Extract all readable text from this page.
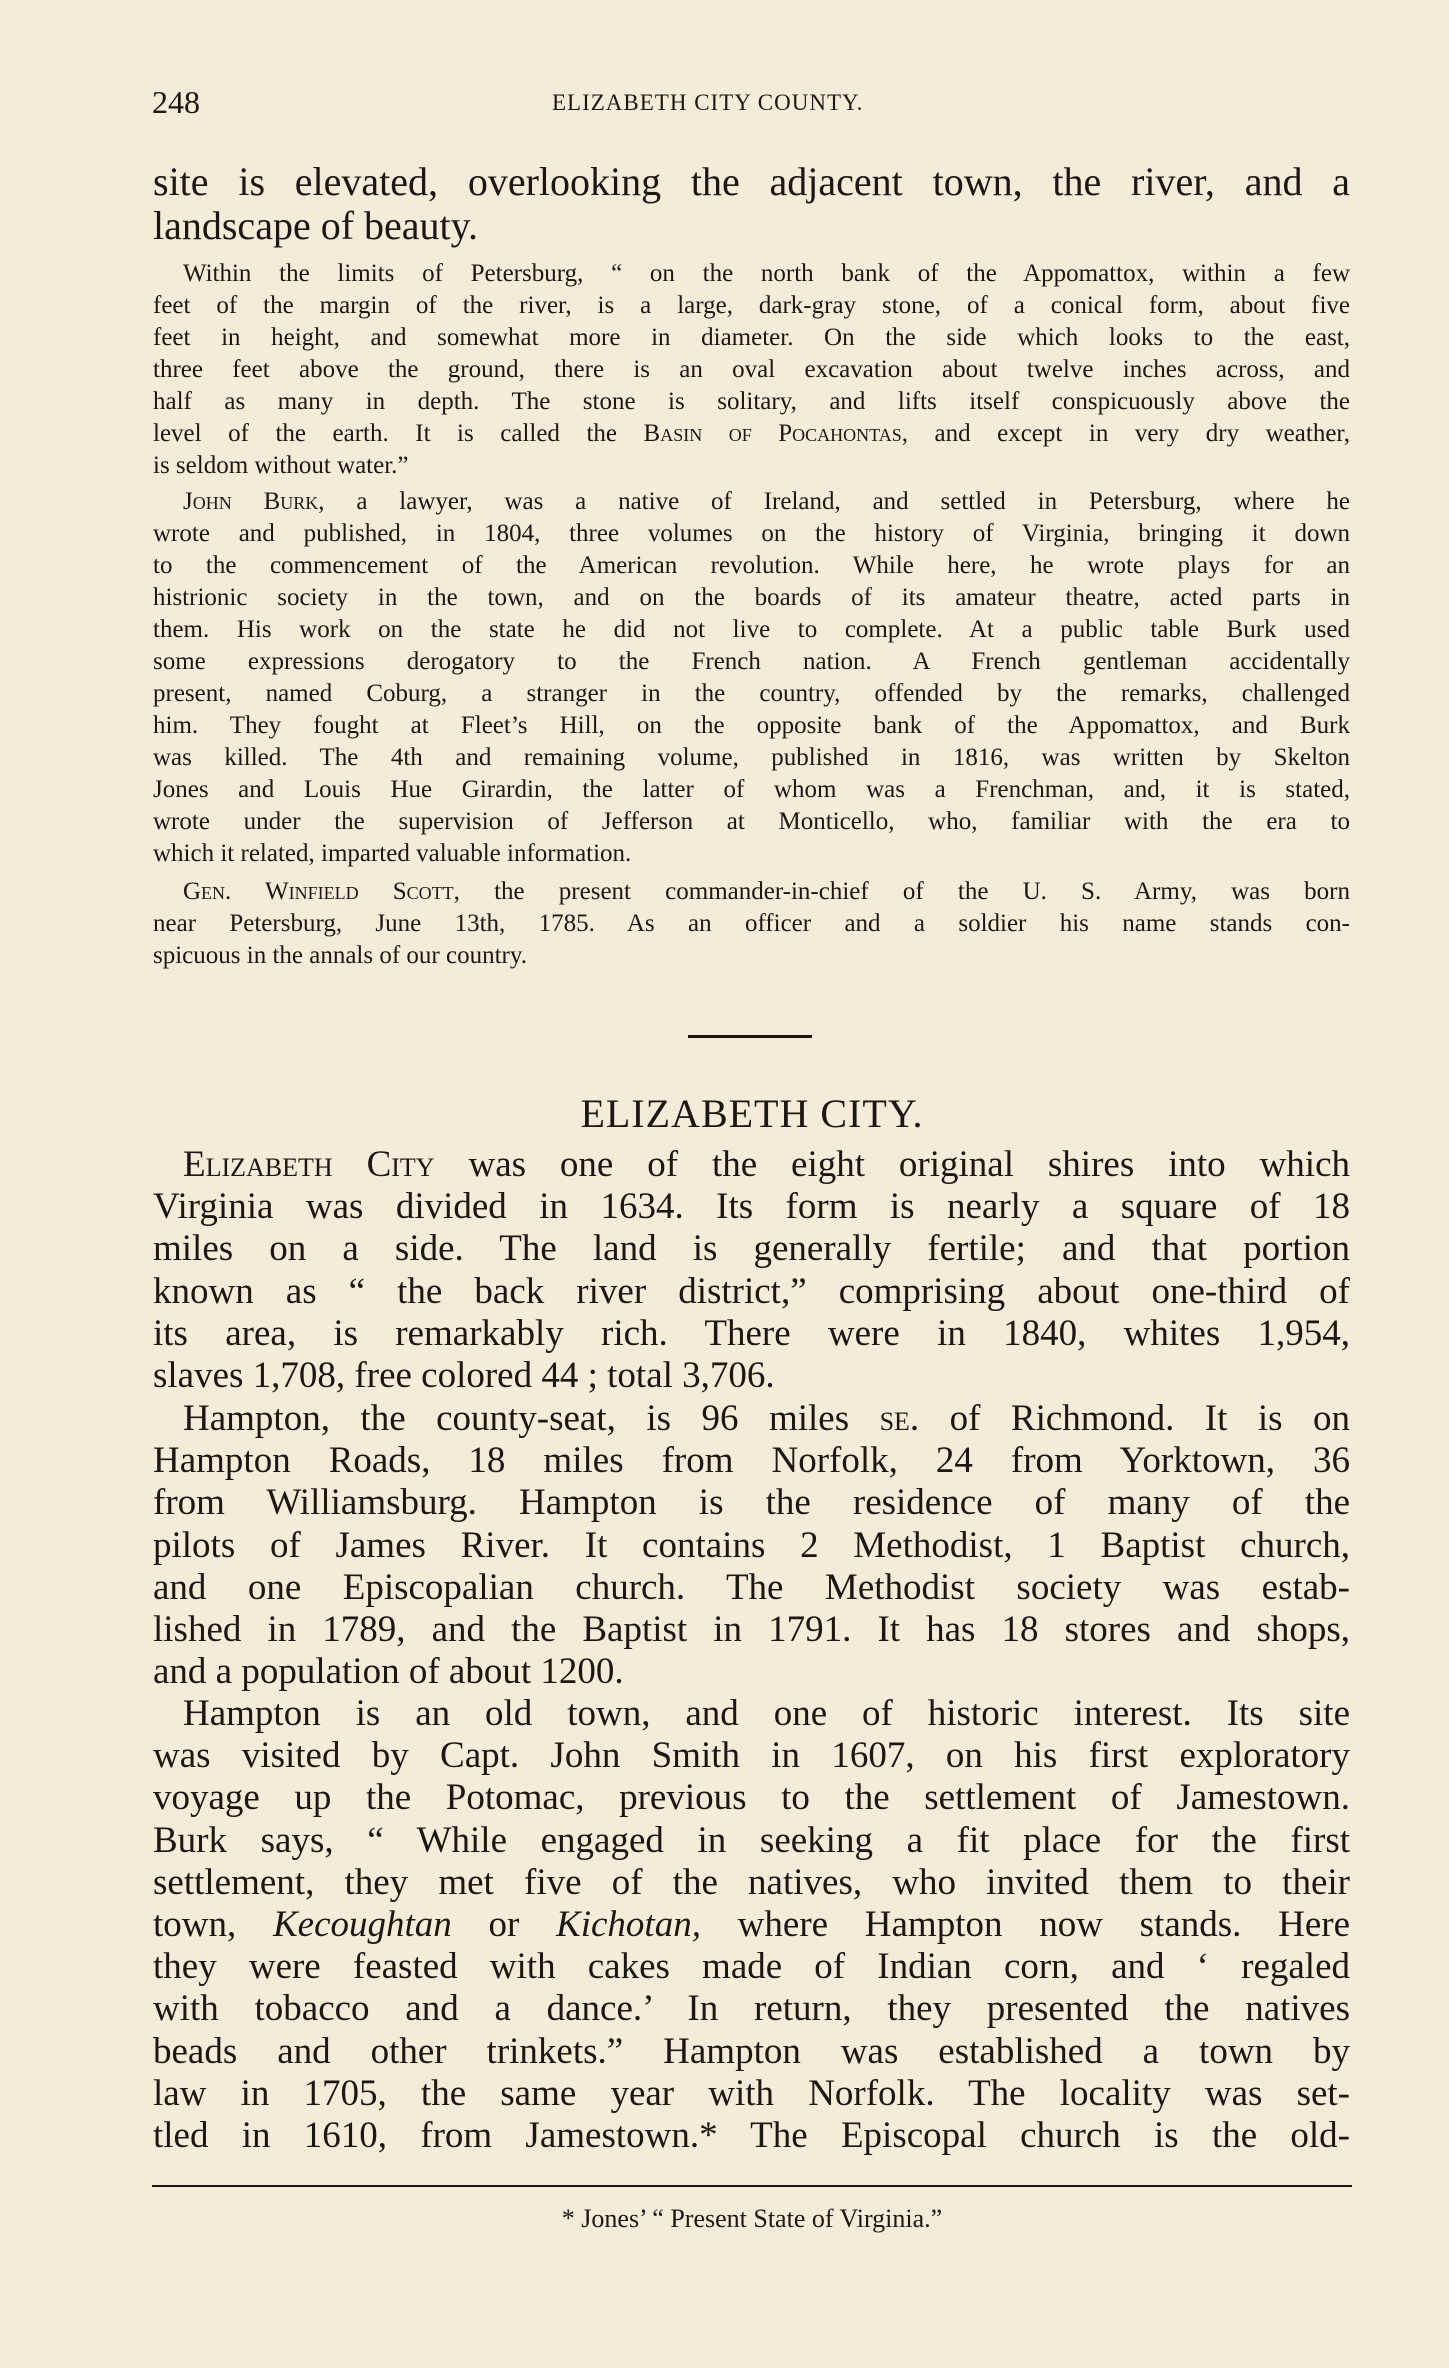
248	ELIZABETH CITY COUNTY.
site is elevated, overlooking the adjacent town, the river, and a
landscape of beauty.
Within the limits of Petersburg, “ on the north bank of the Appomattox, within a few
feet of the margin of the river, is a large, dark-gray stone, of a conical form, about five
feet in height, and somewhat more in diameter. On the side which looks to the east,
three feet above the ground, there is an oval excavation about twelve inches across, and
half as many in depth. The stone is solitary, and lifts itself conspicuously above the
level of the earth. It is called the Basin of Pocahontas, and except in very dry weather,
is seldom without water.”
John Burk, a lawyer, was a native of Ireland, and settled in Petersburg, where he
wrote and published, in 1804, three volumes on the history of Virginia, bringing it down
to the commencement of the American revolution. While here, he wrote plays for an
histrionic society in the town, and on the boards of its amateur theatre, acted parts in
them. His work on the state he did not live to complete. At a public table Burk used
some expressions derogatory to the French nation. A French gentleman accidentally
present, named Coburg, a stranger in the country, offended by the remarks, challenged
him. They fought at Fleet’s Hill, on the opposite bank of the Appomattox, and Burk
was killed. The 4th and remaining volume, published in 1816, was written by Skelton
Jones and Louis Hue Girardin, the latter of whom was a Frenchman, and, it is stated,
wrote under the supervision of Jefferson at Monticello, who, familiar with the era to
which it related, imparted valuable information.
Gen. Winfield Scott, the present commander-in-chief of the U. S. Army, was born
near Petersburg, June 13th, 1785. As an officer and a soldier his name stands con-
spicuous in the annals of our country.
ELIZABETH CITY.
Elizabeth City was one of the eight original shires into which
Virginia was divided in 1634. Its form is nearly a square of 18
miles on a side. The land is generally fertile; and that portion
known as “ the back river district,” comprising about one-third of
its area, is remarkably rich. There were in 1840, whites 1,954,
slaves 1,708, free colored 44 ; total 3,706.
Hampton, the county-seat, is 96 miles se. of Richmond. It is on
Hampton Roads, 18 miles from Norfolk, 24 from Yorktown, 36
from Williamsburg. Hampton is the residence of many of the
pilots of James River. It contains 2 Methodist, 1 Baptist church,
and one Episcopalian church. The Methodist society was estab-
lished in 1789, and the Baptist in 1791. It has 18 stores and shops,
and a population of about 1200.
Hampton is an old town, and one of historic interest. Its site
was visited by Capt. John Smith in 1607, on his first exploratory
voyage up the Potomac, previous to the settlement of Jamestown.
Burk says, “ While engaged in seeking a fit place for the first
settlement, they met five of the natives, who invited them to their
town, Kecoughtan or Kichotan, where Hampton now stands. Here
they were feasted with cakes made of Indian corn, and ‘ regaled
with tobacco and a dance.’ In return, they presented the natives
beads and other trinkets.” Hampton was established a town by
law in 1705, the same year with Norfolk. The locality was set-
tled in 1610, from Jamestown.* The Episcopal church is the old-
* Jones’ “ Present State of Virginia.”
